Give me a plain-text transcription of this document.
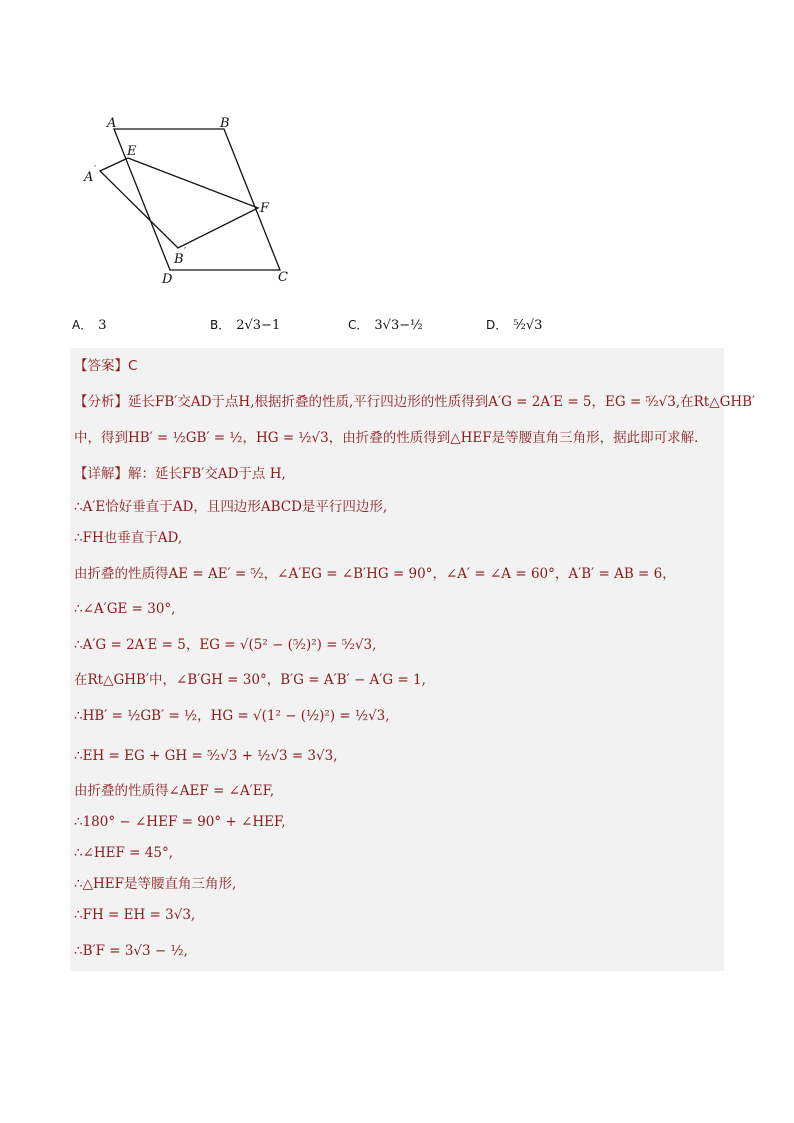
A	B
C
D
E
F
A ′
B ′
A． 3	B． 2√3−1	C． 3√3−½	D． ⁵⁄₂√3
【答案】C
【分析】延长FB′交AD于点H,根据折叠的性质,平行四边形的性质得到A′G = 2A′E = 5，EG = ⁵⁄₂√3,在Rt△GHB′
中，得到HB′ = ½GB′ = ½，HG = ½√3，由折叠的性质得到△HEF是等腰直角三角形，据此即可求解．
【详解】解：延长FB′交AD于点 H,
∴A′E恰好垂直于AD，且四边形ABCD是平行四边形,
∴FH也垂直于AD,
由折叠的性质得AE = AE′ = ⁵⁄₂，∠A′EG = ∠B′HG = 90°，∠A′ = ∠A = 60°，A′B′ = AB = 6，
∴∠A′GE = 30°,
∴A′G = 2A′E = 5，EG = √(5² − (⁵⁄₂)²) = ⁵⁄₂√3,
在Rt△GHB′中，∠B′GH = 30°，B′G = A′B′ − A′G = 1,
∴HB′ = ½GB′ = ½，HG = √(1² − (½)²) = ½√3,
∴EH = EG + GH = ⁵⁄₂√3 + ½√3 = 3√3,
由折叠的性质得∠AEF = ∠A′EF,
∴180° − ∠HEF = 90° + ∠HEF,
∴∠HEF = 45°,
∴△HEF是等腰直角三角形,
∴FH = EH = 3√3,
∴B′F = 3√3 − ½,
